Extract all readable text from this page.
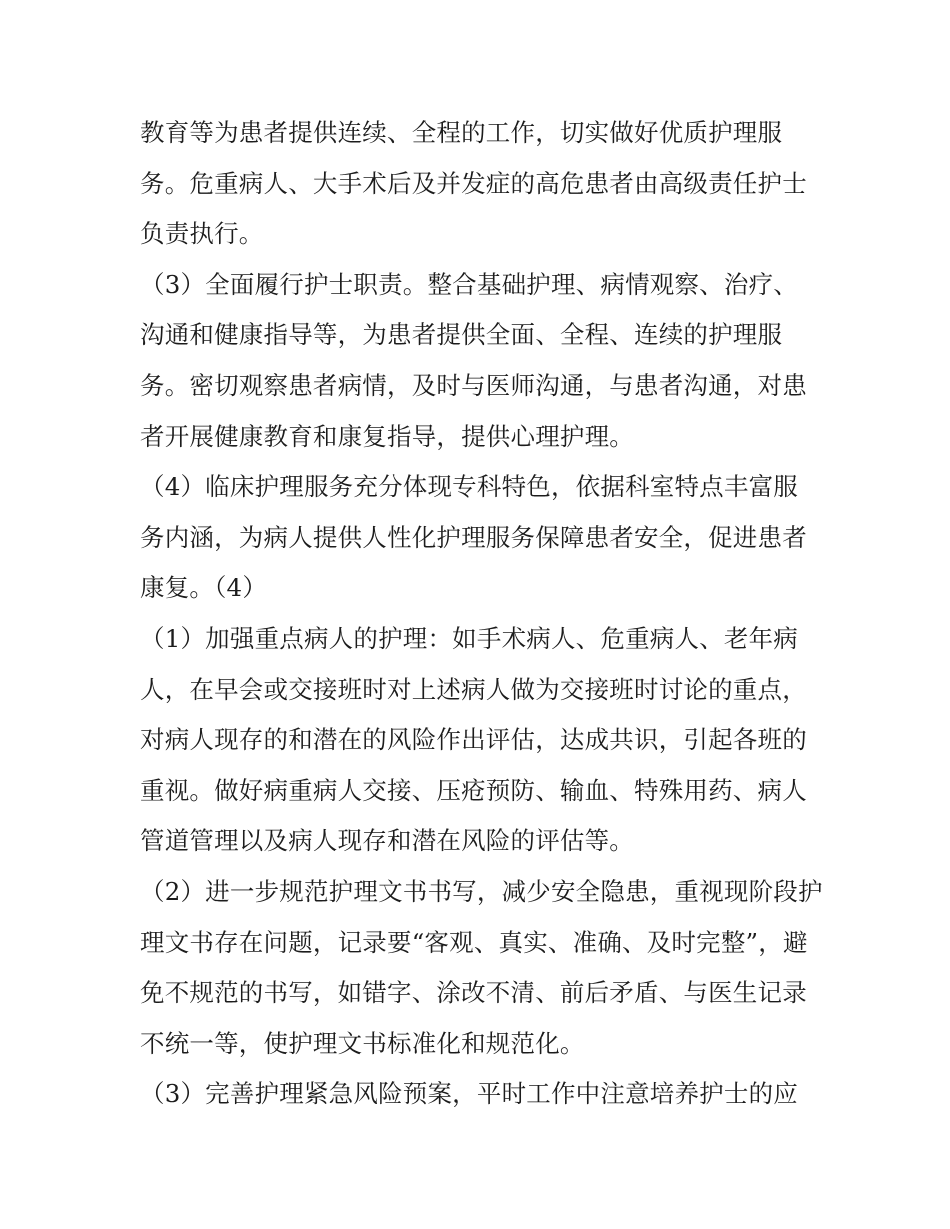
教育等为患者提供连续、全程的工作，切实做好优质护理服
务。危重病人、大手术后及并发症的高危患者由高级责任护士
负责执行。
（3）全面履行护士职责。整合基础护理、病情观察、治疗、
沟通和健康指导等，为患者提供全面、全程、连续的护理服
务。密切观察患者病情，及时与医师沟通，与患者沟通，对患
者开展健康教育和康复指导，提供心理护理。
（4）临床护理服务充分体现专科特色，依据科室特点丰富服
务内涵，为病人提供人性化护理服务保障患者安全，促进患者
康复。（4）
（1）加强重点病人的护理：如手术病人、危重病人、老年病
人，在早会或交接班时对上述病人做为交接班时讨论的重点，
对病人现存的和潜在的风险作出评估，达成共识，引起各班的
重视。做好病重病人交接、压疮预防、输血、特殊用药、病人
管道管理以及病人现存和潜在风险的评估等。
（2）进一步规范护理文书书写，减少安全隐患，重视现阶段护
理文书存在问题，记录要“客观、真实、准确、及时完整”，避
免不规范的书写，如错字、涂改不清、前后矛盾、与医生记录
不统一等，使护理文书标准化和规范化。
（3）完善护理紧急风险预案，平时工作中注意培养护士的应
